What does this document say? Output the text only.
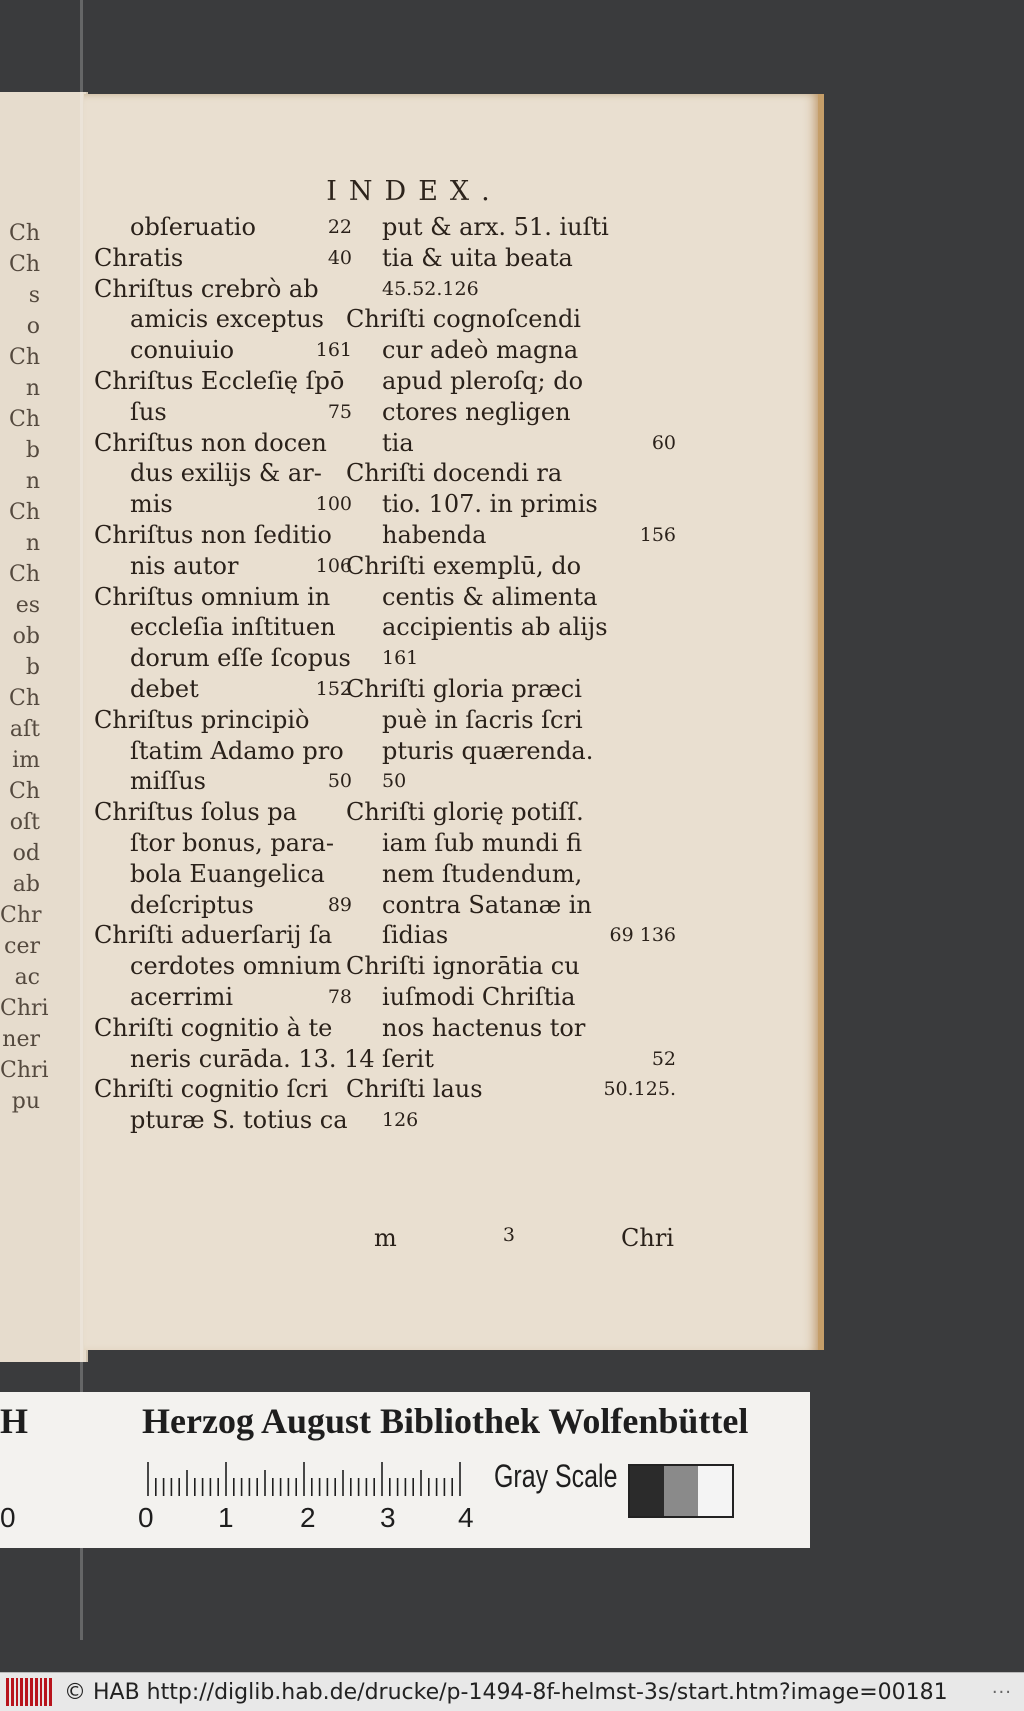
Ch
Ch
s
o
Ch
n
Ch
b
n
Ch
n
Ch
es
ob
b
Ch
aſt
im
Ch
oſt
od
ab
Chr
cer
ac
Chri
ner
Chri
pu
INDEX.
obſeruatio	22
Chratis	40
Chriſtus crebrò ab
amicis exceptus
conuiuio	161
Chriſtus Eccleſię ſpō
ſus	75
Chriſtus non docen
dus exilijs & ar-
mis	100
Chriſtus non ſeditio
nis autor	106
Chriſtus omnium in
eccleſia inſtituen
dorum eſſe ſcopus
debet	152
Chriſtus principiò
ſtatim Adamo pro
miſſus	50
Chriſtus ſolus pa
ſtor bonus, para-
bola Euangelica
deſcriptus	89
Chriſti aduerſarij ſa
cerdotes omnium
acerrimi	78
Chriſti cognitio à te
neris curāda. 13. 14
Chriſti cognitio ſcri
pturæ S. totius ca
put & arx. 51. iuſti
tia & uita beata
45.52.126
Chriſti cognoſcendi
cur adeò magna
apud pleroſq; do
ctores negligen
tia	60
Chriſti docendi ra
tio. 107. in primis
habenda	156
Chriſti exemplū, do
centis & alimenta
accipientis ab alijs
161
Chriſti gloria præci
puè in ſacris ſcri
pturis quærenda.
50
Chriſti glorię potiſſ.
iam ſub mundi fi
nem ſtudendum,
contra Satanæ in
ſidias	69 136
Chriſti ignorātia cu
iuſmodi Chriſtia
nos hactenus tor
ſerit	52
Chriſti laus	50.125.
126
m	3	Chri
H	Herzog August Bibliothek Wolfenbüttel
0	0 1 2 3 4
Gray Scale
© HAB http://diglib.hab.de/drucke/p-1494-8f-helmst-3s/start.htm?image=00181 ···
